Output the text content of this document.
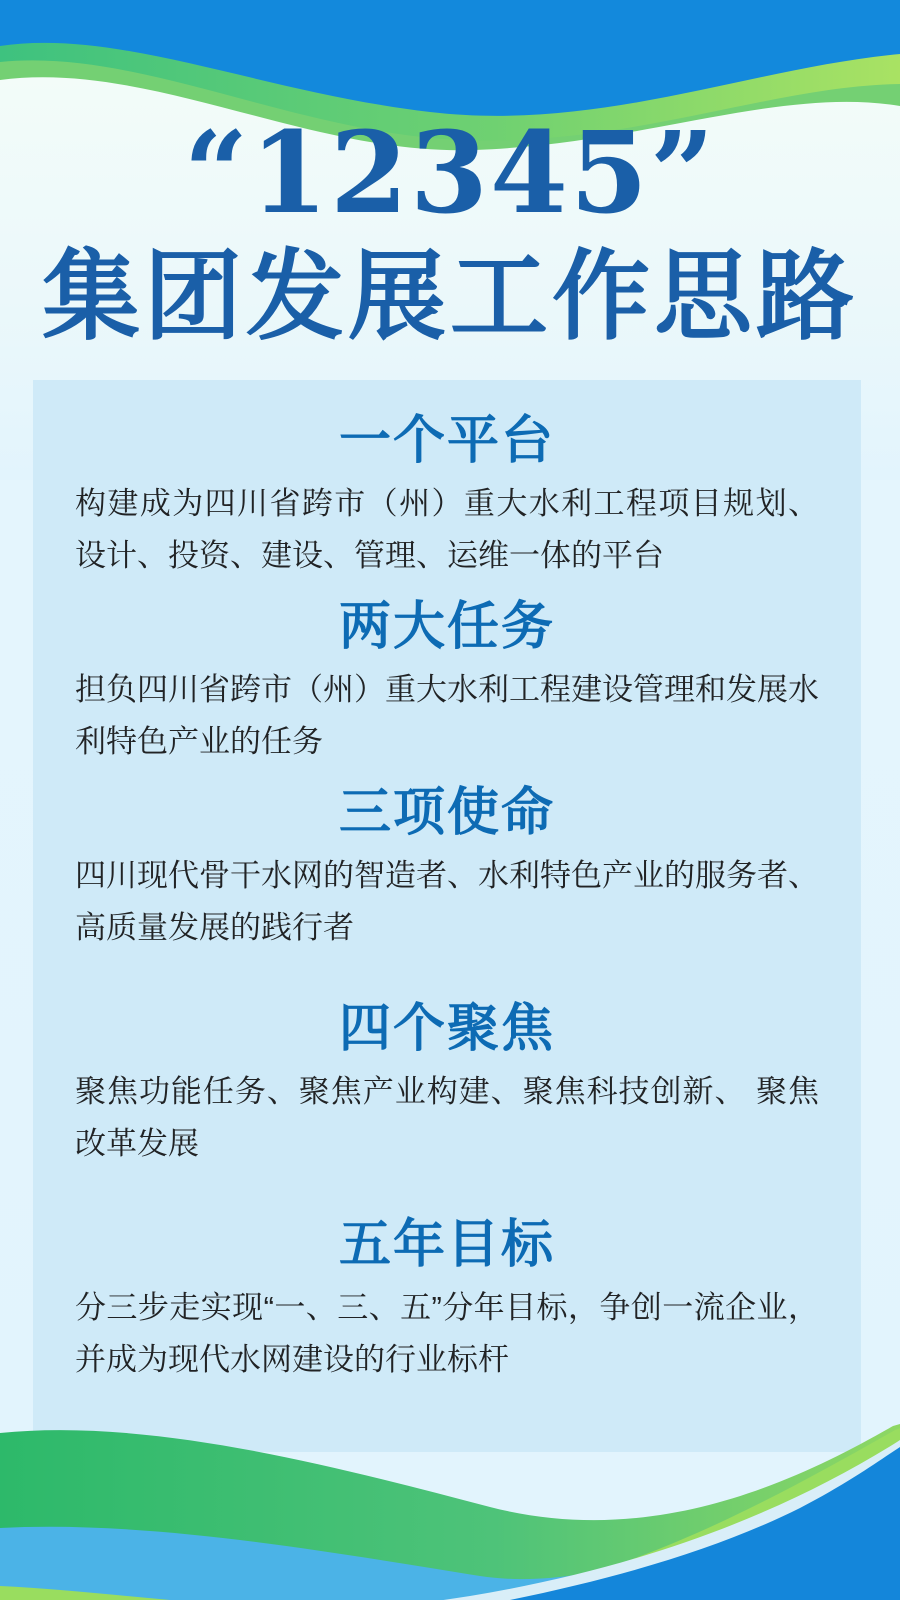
“12345”
集团发展工作思路
一个平台

构建成为四川省跨市（州）重大水利工程项目规划、 设计、投资、建设、管理、运维一体的平台

两大任务

担负四川省跨市（州）重大水利工程建设管理和发展水利特色产业的任务

三项使命

四川现代骨干水网的智造者、水利特色产业的服务者、高质量发展的践行者

四个聚焦

聚焦功能任务、聚焦产业构建、聚焦科技创新、 聚焦改革发展

五年目标

分三步走实现“一、三、五”分年目标，争创一流企业，并成为现代水网建设的行业标杆
